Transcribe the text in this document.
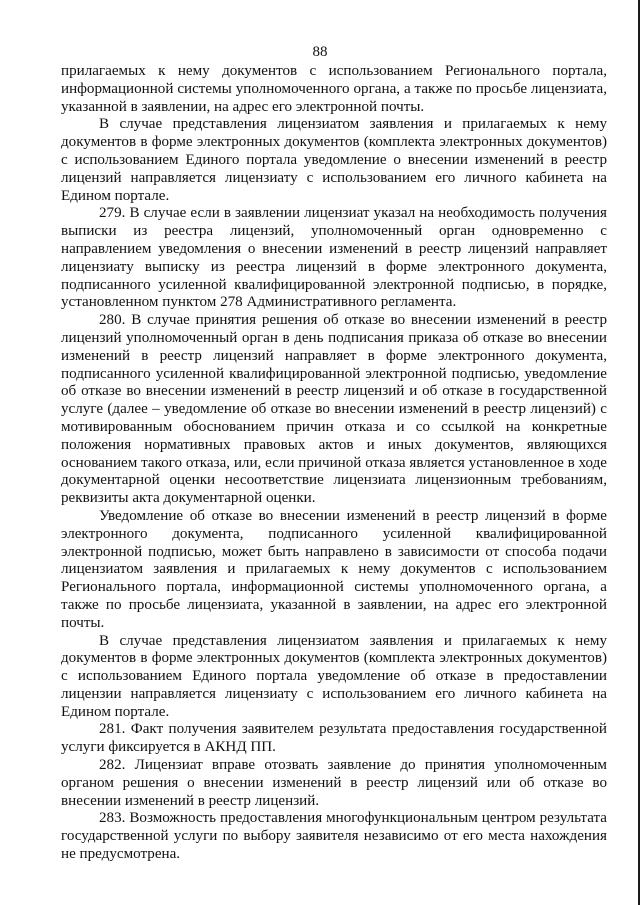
88

прилагаемых к нему документов с использованием Регионального портала, информационной системы уполномоченного органа, а также по просьбе лицензиата, указанной в заявлении, на адрес его электронной почты.

В случае представления лицензиатом заявления и прилагаемых к нему документов в форме электронных документов (комплекта электронных документов) с использованием Единого портала уведомление о внесении изменений в реестр лицензий направляется лицензиату с использованием его личного кабинета на Едином портале.

279. В случае если в заявлении лицензиат указал на необходимость получения выписки из реестра лицензий, уполномоченный орган одновременно с направлением уведомления о внесении изменений в реестр лицензий направляет лицензиату выписку из реестра лицензий в форме электронного документа, подписанного усиленной квалифицированной электронной подписью, в порядке, установленном пунктом 278 Административного регламента.

280. В случае принятия решения об отказе во внесении изменений в реестр лицензий уполномоченный орган в день подписания приказа об отказе во внесении изменений в реестр лицензий направляет в форме электронного документа, подписанного усиленной квалифицированной электронной подписью, уведомление об отказе во внесении изменений в реестр лицензий и об отказе в государственной услуге (далее – уведомление об отказе во внесении изменений в реестр лицензий) с мотивированным обоснованием причин отказа и со ссылкой на конкретные положения нормативных правовых актов и иных документов, являющихся основанием такого отказа, или, если причиной отказа является установленное в ходе документарной оценки несоответствие лицензиата лицензионным требованиям, реквизиты акта документарной оценки.

Уведомление об отказе во внесении изменений в реестр лицензий в форме электронного документа, подписанного усиленной квалифицированной электронной подписью, может быть направлено в зависимости от способа подачи лицензиатом заявления и прилагаемых к нему документов с использованием Регионального портала, информационной системы уполномоченного органа, а также по просьбе лицензиата, указанной в заявлении, на адрес его электронной почты.

В случае представления лицензиатом заявления и прилагаемых к нему документов в форме электронных документов (комплекта электронных документов) с использованием Единого портала уведомление об отказе в предоставлении лицензии направляется лицензиату с использованием его личного кабинета на Едином портале.

281. Факт получения заявителем результата предоставления государственной услуги фиксируется в АКНД ПП.

282. Лицензиат вправе отозвать заявление до принятия уполномоченным органом решения о внесении изменений в реестр лицензий или об отказе во внесении изменений в реестр лицензий.

283. Возможность предоставления многофункциональным центром результата государственной услуги по выбору заявителя независимо от его места нахождения не предусмотрена.
